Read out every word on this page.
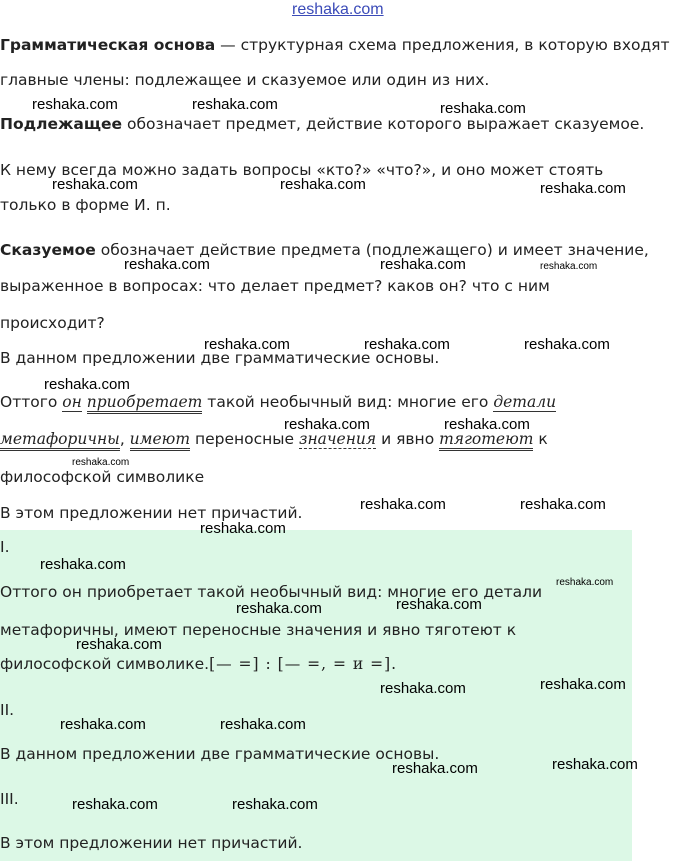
reshaka.com
Грамматическая основа — структурная схема предложения, в которую входят
главные члены: подлежащее и сказуемое или один из них.
Подлежащее обозначает предмет, действие которого выражает сказуемое.
К нему всегда можно задать вопросы «кто?» «что?», и оно может стоять
только в форме И. п.
Сказуемое обозначает действие предмета (подлежащего) и имеет значение,
выраженное в вопросах: что делает предмет? каков он? что с ним
происходит?
В данном предложении две грамматические основы.
Оттого он приобретает такой необычный вид: многие его детали
метафоричны, имеют переносные значения и явно тяготеют к
философской символике
В этом предложении нет причастий.
I.
Оттого он приобретает такой необычный вид: многие его детали
метафоричны, имеют переносные значения и явно тяготеют к
философской символике.[— =] : [— =, = и =].
II.
В данном предложении две грамматические основы.
III.
В этом предложении нет причастий.
reshaka.com	reshaka.com	reshaka.com
reshaka.com	reshaka.com	reshaka.com
reshaka.com	reshaka.com	reshaka.com
reshaka.com	reshaka.com	reshaka.com
reshaka.com
reshaka.com	reshaka.com
reshaka.com
reshaka.com	reshaka.com
reshaka.com
reshaka.com
reshaka.com
reshaka.com
reshaka.com
reshaka.com
reshaka.com
reshaka.com
reshaka.com	reshaka.com
reshaka.com
reshaka.com
reshaka.com	reshaka.com
